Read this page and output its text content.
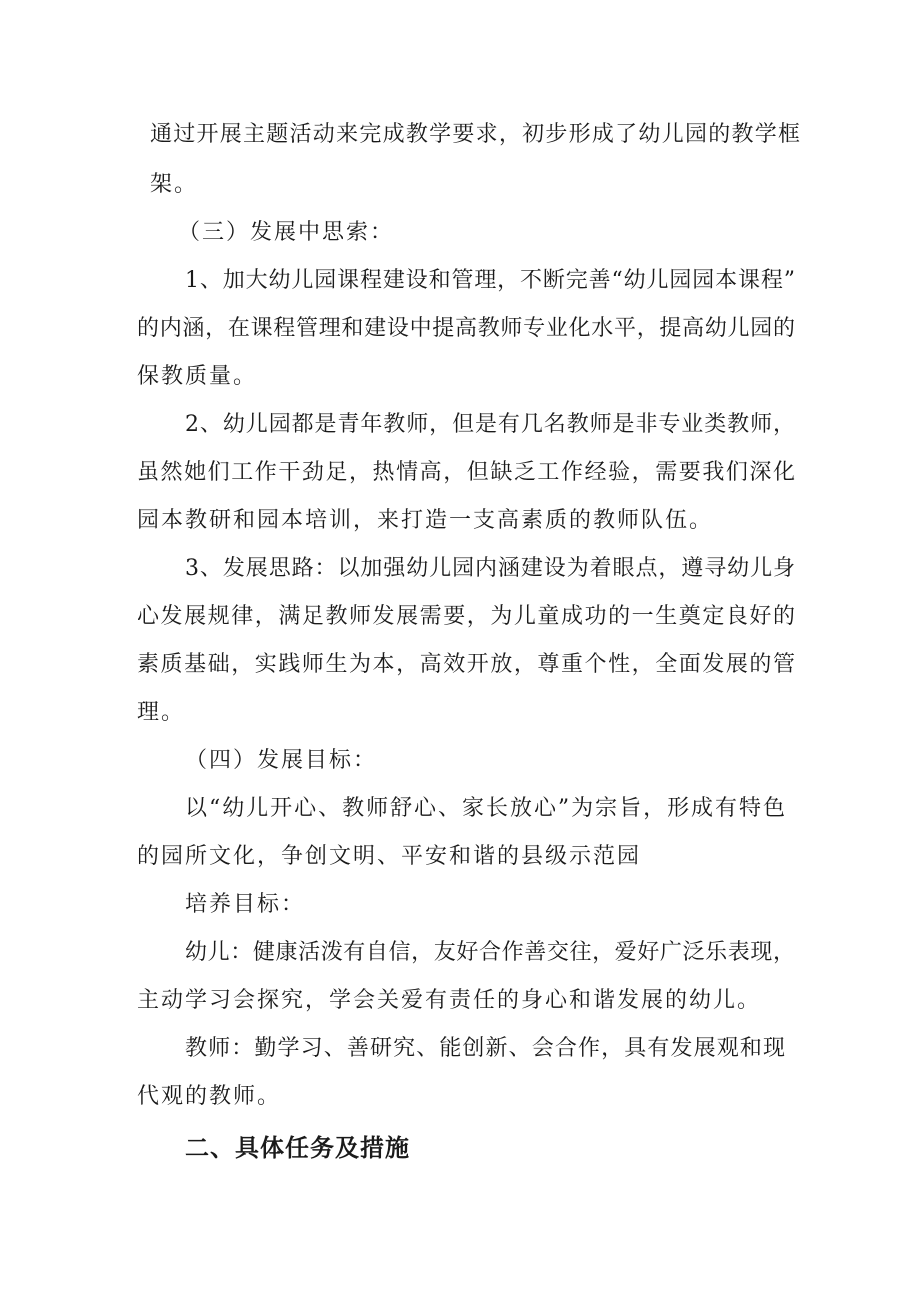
通过开展主题活动来完成教学要求，初步形成了幼儿园的教学框
架。
（三）发展中思索：
1、加大幼儿园课程建设和管理，不断完善“幼儿园园本课程”
的内涵，在课程管理和建设中提高教师专业化水平，提高幼儿园的
保教质量。
2、幼儿园都是青年教师，但是有几名教师是非专业类教师，
虽然她们工作干劲足，热情高，但缺乏工作经验，需要我们深化
园本教研和园本培训，来打造一支高素质的教师队伍。
3、发展思路：以加强幼儿园内涵建设为着眼点，遵寻幼儿身
心发展规律，满足教师发展需要，为儿童成功的一生奠定良好的
素质基础，实践师生为本，高效开放，尊重个性，全面发展的管
理。
（四）发展目标：
以“幼儿开心、教师舒心、家长放心”为宗旨，形成有特色
的园所文化，争创文明、平安和谐的县级示范园
培养目标：
幼儿：健康活泼有自信，友好合作善交往，爱好广泛乐表现，
主动学习会探究，学会关爱有责任的身心和谐发展的幼儿。
教师：勤学习、善研究、能创新、会合作，具有发展观和现
代观的教师。
二、具体任务及措施
